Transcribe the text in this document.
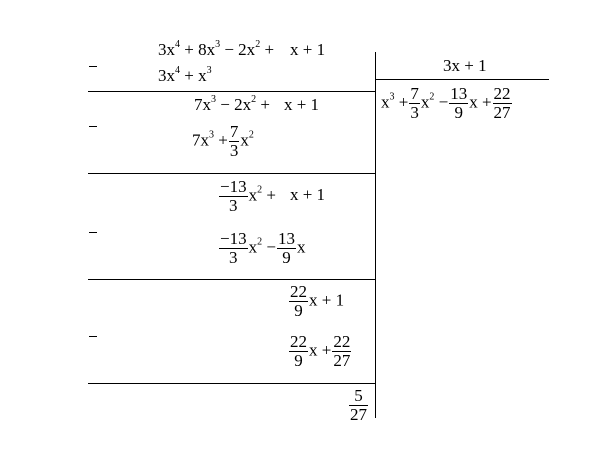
$3x^4 + 8x^3 - 2x^2 + x + 1$
$3x^4 + x^3$
$7x^3 - 2x^2 + x + 1$
$7x^3 + \frac{7}{3} x^2$
$\frac{-13}{3} x^2 + x + 1$
$\frac{-13}{3} x^2 - \frac{13}{9}$ x
$\frac{22}{9}$ x + 1
$\frac{22}{9}$ $x + \frac{22}{27}$
$\frac{5}{27}$
3x + 1
$x^3 + \frac{7}{3} x^2 - \frac{13}{9}$ $x + \frac{22}{27}$
